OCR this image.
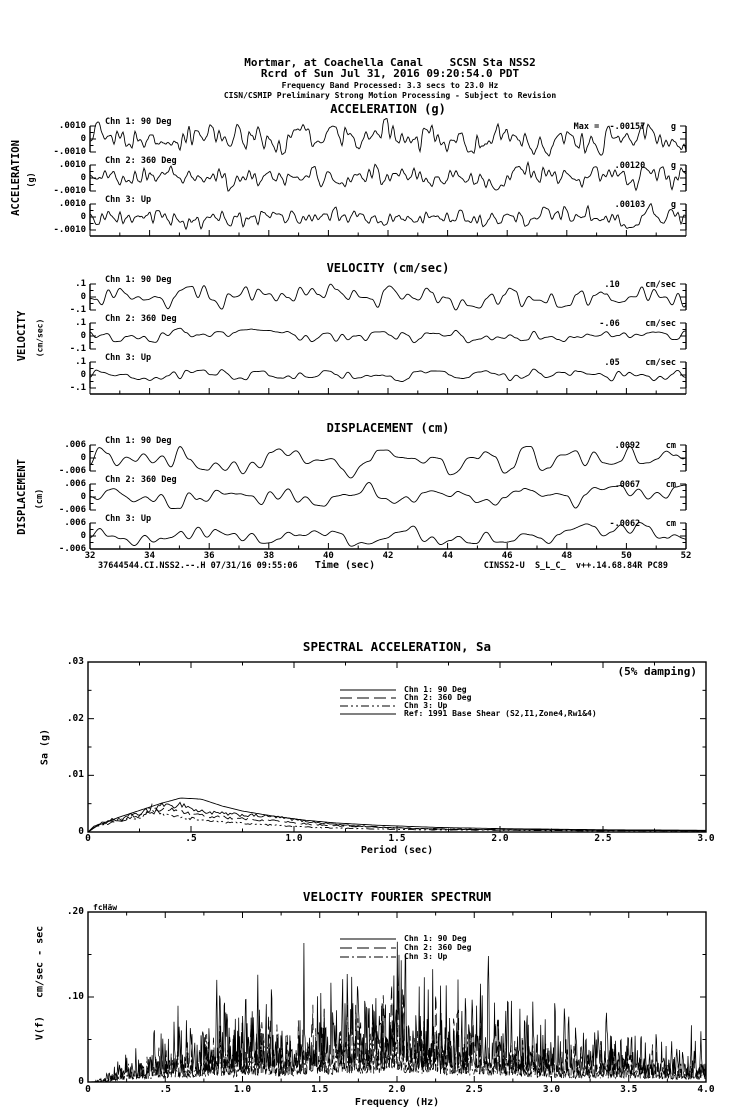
Mortmar, at Coachella Canal    SCSN Sta NSS2
Rcrd of Sun Jul 31, 2016 09:20:54.0 PDT
Frequency Band Processed: 3.3 secs to 23.0 Hz
CISN/CSMIP Preliminary Strong Motion Processing - Subject to Revision
37644544.CI.NSS2.--.H 07/31/16 09:55:06	Time (sec)	CINSS2-U  S_L_C_  v++.14.68.84R PC89
SPECTRAL ACCELERATION, Sa
(5% damping)
Sa (g)
Period (sec)
VELOCITY FOURIER SPECTRUM
fcHäw
V(f)   cm/sec - sec
Frequency (Hz)
ACCELERATION (g)
ACCELERATION (g)
.0010
0
-.0010
Chn 1: 90 Deg	Max =  -.00157     g
.0010
0
-.0010
Chn 2: 360 Deg	.00120     g
.0010
0
-.0010
Chn 3: Up	.00103     g
VELOCITY (cm/sec)
VELOCITY (cm/sec)
.1
0
-.1
Chn 1: 90 Deg	.10     cm/sec
.1
0
-.1
Chn 2: 360 Deg	-.06     cm/sec
.1
0
-.1
Chn 3: Up	.05     cm/sec
DISPLACEMENT (cm)
DISPLACEMENT (cm)
.006
0
-.006
Chn 1: 90 Deg	.0092     cm
.006
0
-.006
Chn 2: 360 Deg	.0067     cm
.006
0
-.006
Chn 3: Up	-.0062     cm
32	34	36	38	40	42	44	46	48	50	52
.03
.02
.01
0
0	.5	1.0	1.5	2.0	2.5	3.0
Chn 1: 90 Deg
Chn 2: 360 Deg
Chn 3: Up
Ref: 1991 Base Shear (S2,I1,Zone4,Rw1&4)
.20
.10
0
0	.5	1.0	1.5	2.0	2.5	3.0	3.5	4.0
Chn 1: 90 Deg
Chn 2: 360 Deg
Chn 3: Up
